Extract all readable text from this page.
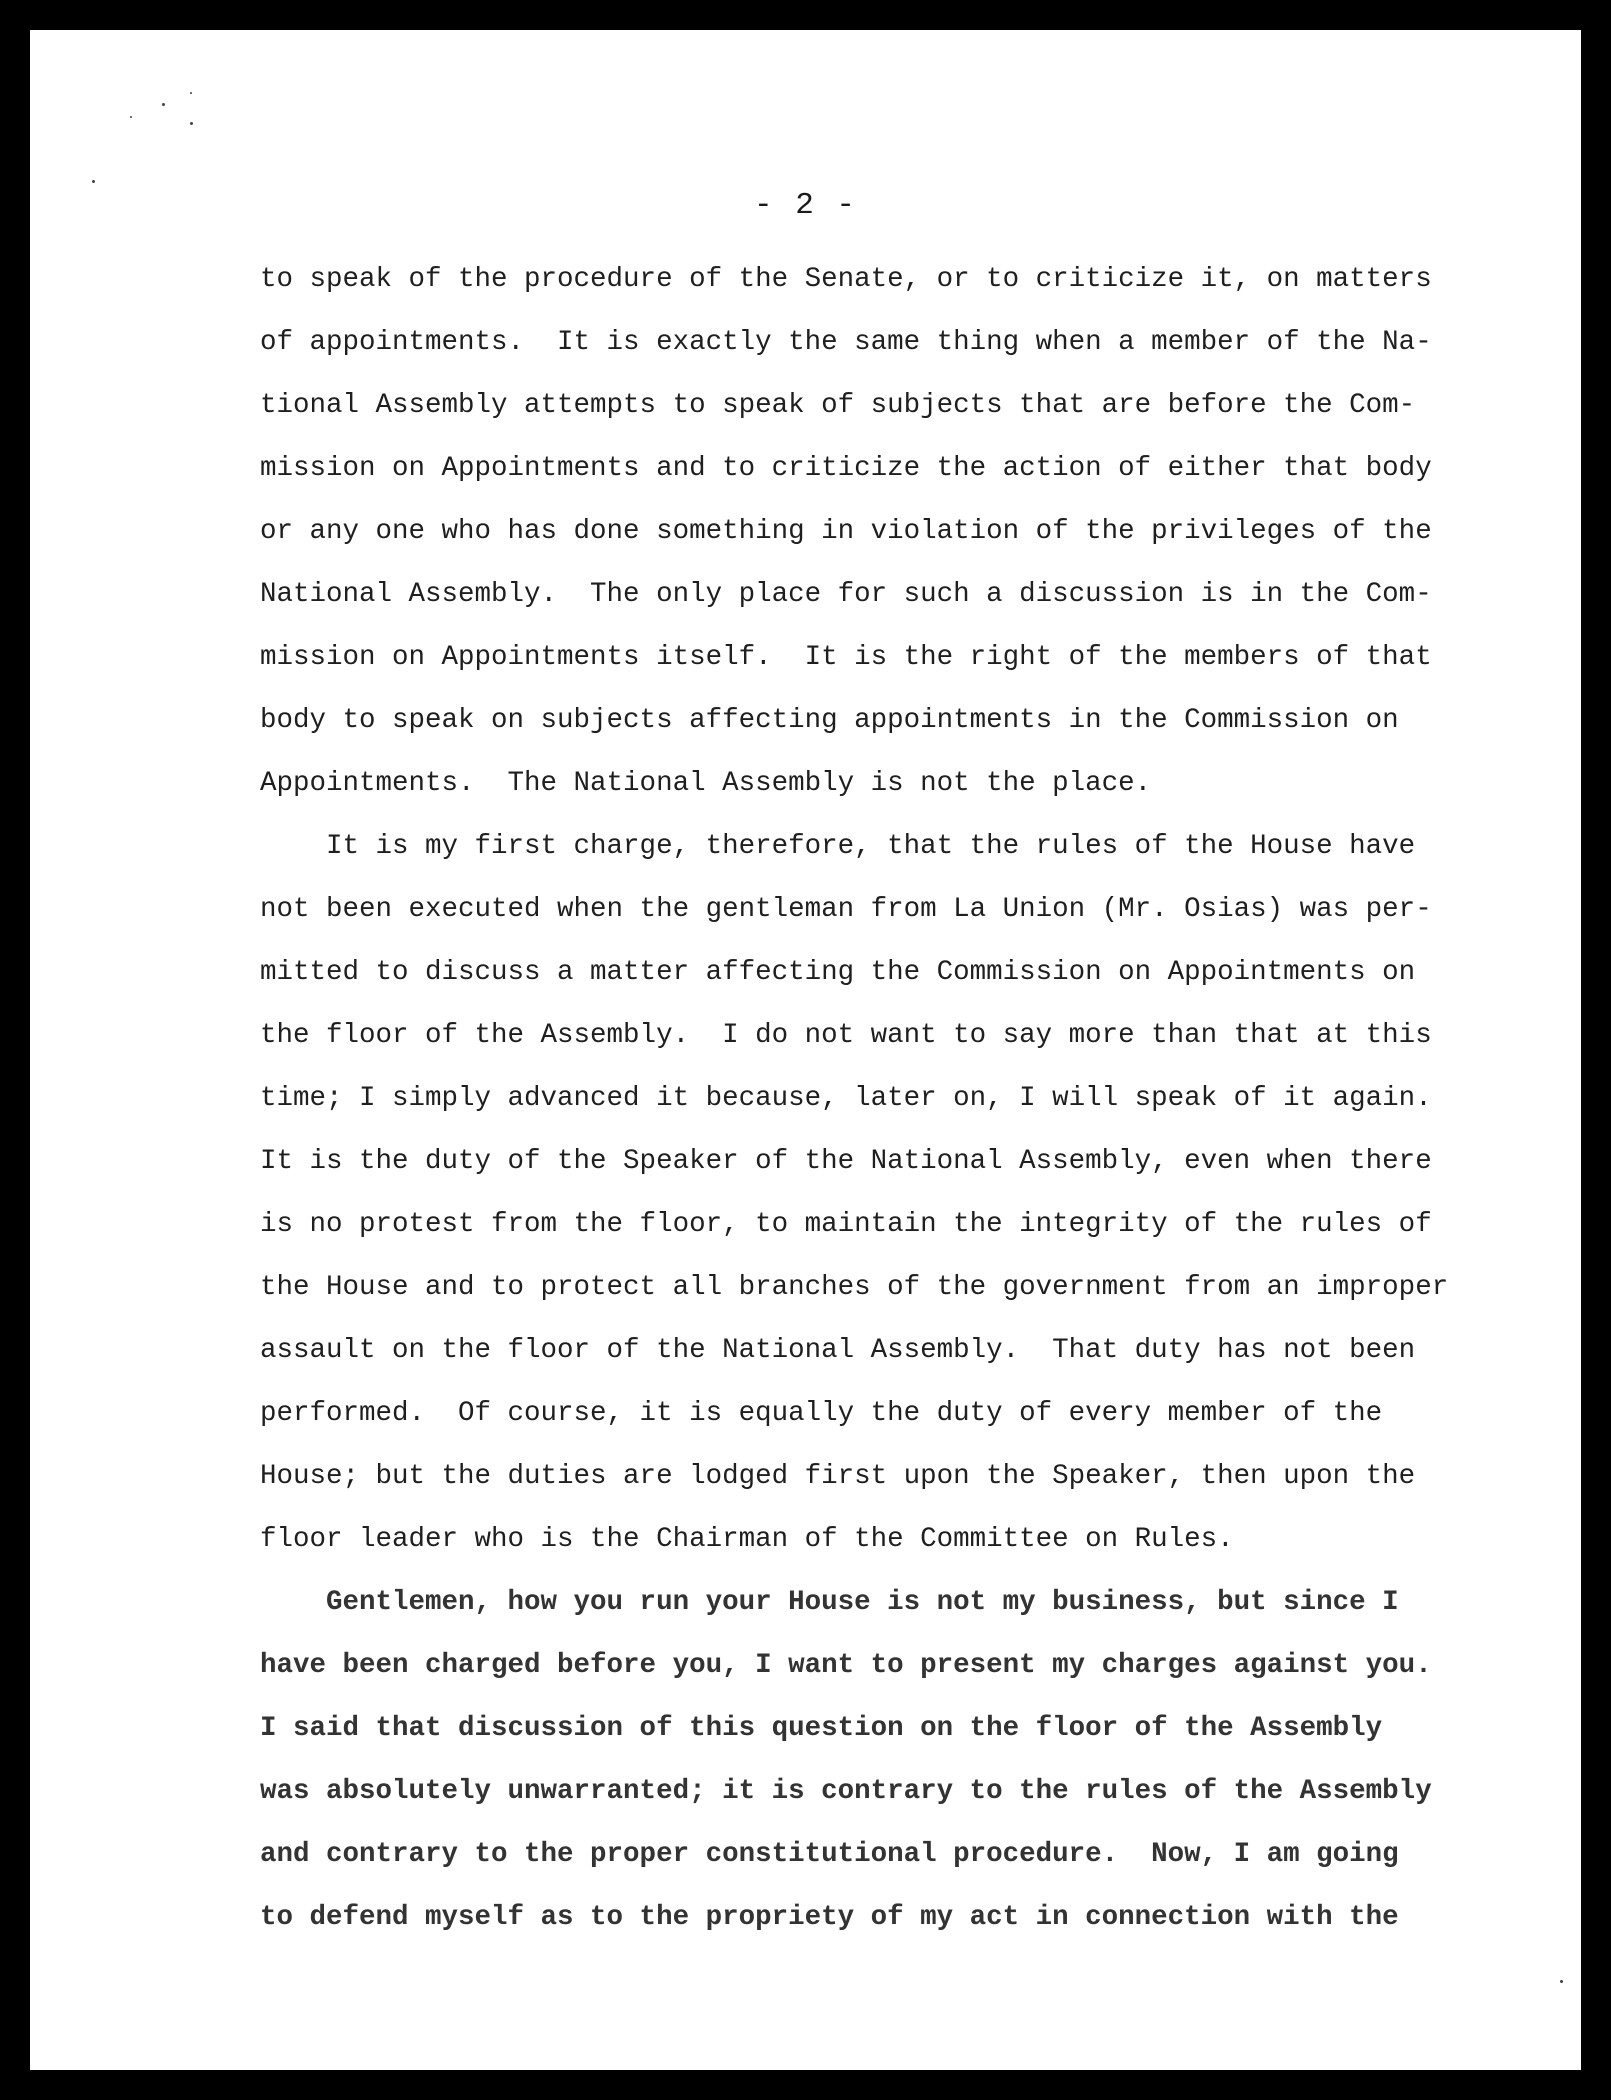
- 2 -
to speak of the procedure of the Senate, or to criticize it, on matters
of appointments.  It is exactly the same thing when a member of the Na-
tional Assembly attempts to speak of subjects that are before the Com-
mission on Appointments and to criticize the action of either that body
or any one who has done something in violation of the privileges of the
National Assembly.  The only place for such a discussion is in the Com-
mission on Appointments itself.  It is the right of the members of that
body to speak on subjects affecting appointments in the Commission on
Appointments.  The National Assembly is not the place.
It is my first charge, therefore, that the rules of the House have
not been executed when the gentleman from La Union (Mr. Osias) was per-
mitted to discuss a matter affecting the Commission on Appointments on
the floor of the Assembly.  I do not want to say more than that at this
time; I simply advanced it because, later on, I will speak of it again.
It is the duty of the Speaker of the National Assembly, even when there
is no protest from the floor, to maintain the integrity of the rules of
the House and to protect all branches of the government from an improper
assault on the floor of the National Assembly.  That duty has not been
performed.  Of course, it is equally the duty of every member of the
House; but the duties are lodged first upon the Speaker, then upon the
floor leader who is the Chairman of the Committee on Rules.
Gentlemen, how you run your House is not my business, but since I
have been charged before you, I want to present my charges against you.
I said that discussion of this question on the floor of the Assembly
was absolutely unwarranted; it is contrary to the rules of the Assembly
and contrary to the proper constitutional procedure.  Now, I am going
to defend myself as to the propriety of my act in connection with the
